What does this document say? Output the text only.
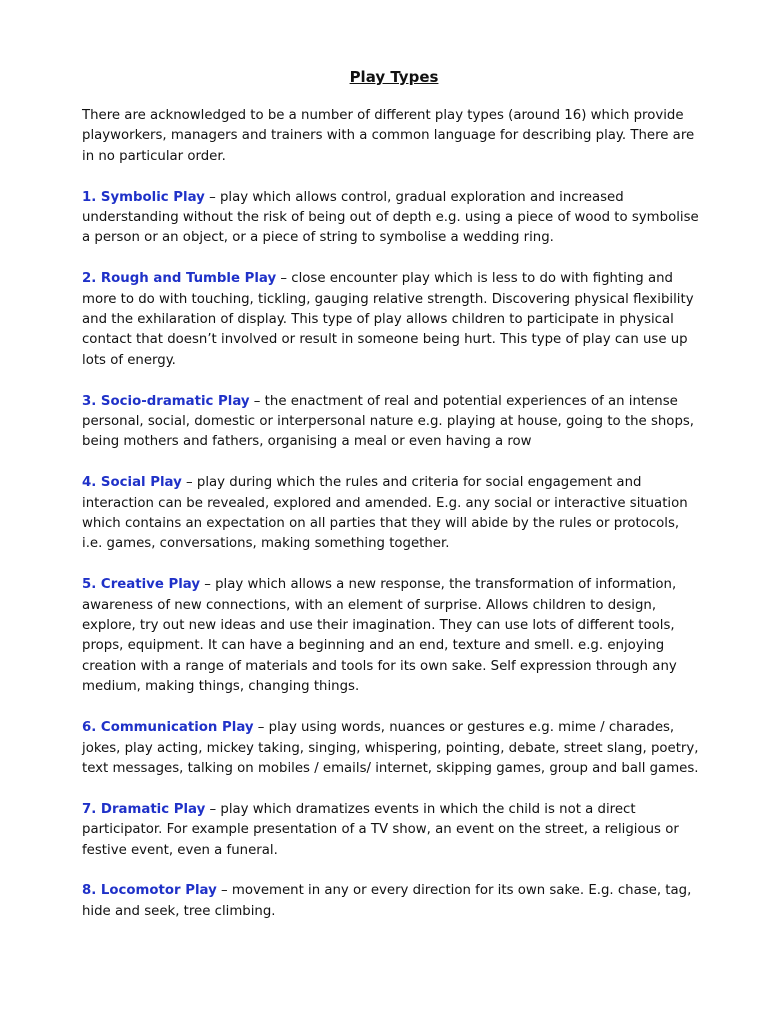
Play Types

There are acknowledged to be a number of different play types (around 16) which provide playworkers, managers and trainers with a common language for describing play. There are in no particular order.

1. Symbolic Play – play which allows control, gradual exploration and increased understanding without the risk of being out of depth e.g. using a piece of wood to symbolise a person or an object, or a piece of string to symbolise a wedding ring.

2. Rough and Tumble Play – close encounter play which is less to do with fighting and more to do with touching, tickling, gauging relative strength. Discovering physical flexibility and the exhilaration of display. This type of play allows children to participate in physical contact that doesn’t involved or result in someone being hurt. This type of play can use up lots of energy.

3. Socio-dramatic Play – the enactment of real and potential experiences of an intense personal, social, domestic or interpersonal nature e.g. playing at house, going to the shops, being mothers and fathers, organising a meal or even having a row

4. Social Play – play during which the rules and criteria for social engagement and interaction can be revealed, explored and amended. E.g. any social or interactive situation which contains an expectation on all parties that they will abide by the rules or protocols, i.e. games, conversations, making something together.

5. Creative Play – play which allows a new response, the transformation of information, awareness of new connections, with an element of surprise. Allows children to design, explore, try out new ideas and use their imagination. They can use lots of different tools, props, equipment. It can have a beginning and an end, texture and smell. e.g. enjoying creation with a range of materials and tools for its own sake. Self expression through any medium, making things, changing things.

6. Communication Play – play using words, nuances or gestures e.g. mime / charades, jokes, play acting, mickey taking, singing, whispering, pointing, debate, street slang, poetry, text messages, talking on mobiles / emails/ internet, skipping games, group and ball games.

7. Dramatic Play – play which dramatizes events in which the child is not a direct participator. For example presentation of a TV show, an event on the street, a religious or festive event, even a funeral.

8. Locomotor Play – movement in any or every direction for its own sake. E.g. chase, tag, hide and seek, tree climbing.
